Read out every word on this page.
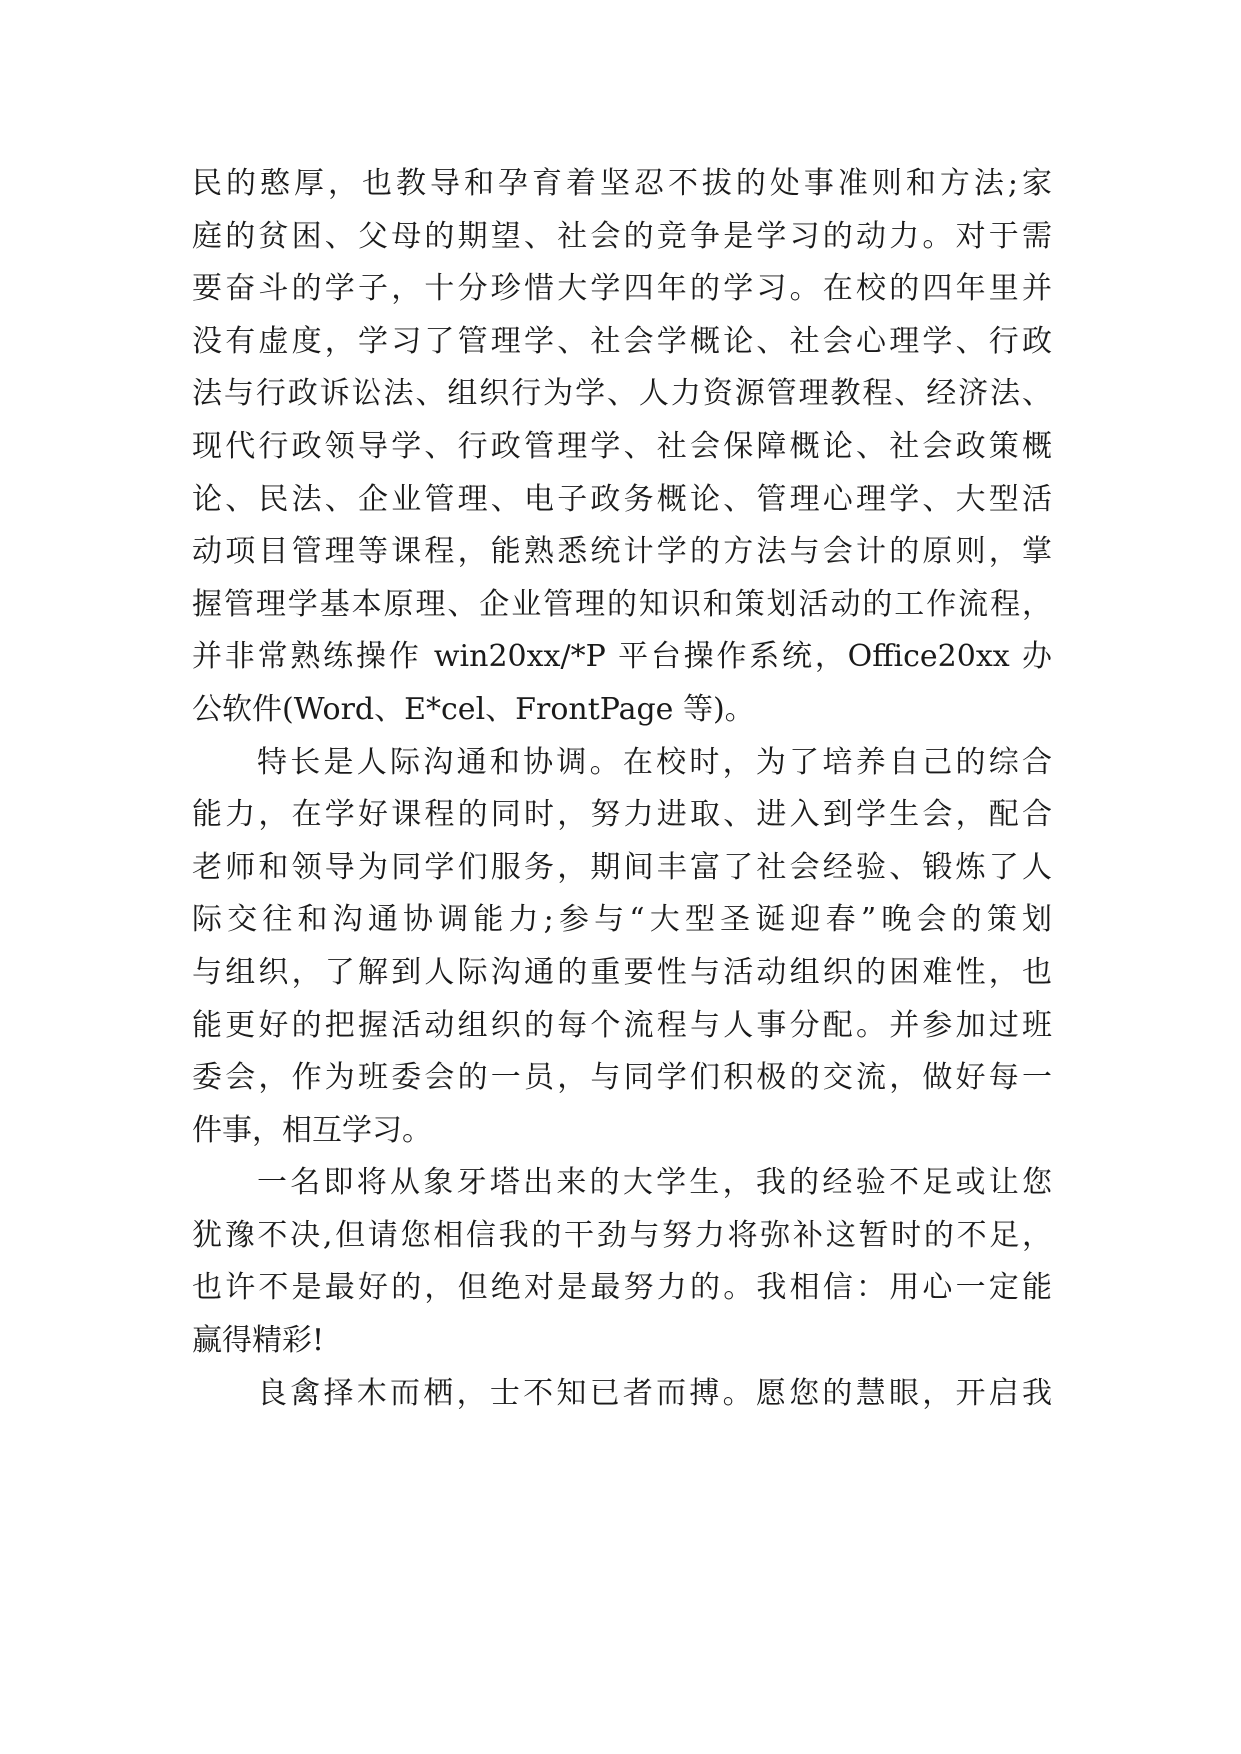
民的憨厚，也教导和孕育着坚忍不拔的处事准则和方法;家
庭的贫困、父母的期望、社会的竞争是学习的动力。对于需
要奋斗的学子，十分珍惜大学四年的学习。在校的四年里并
没有虚度，学习了管理学、社会学概论、社会心理学、行政
法与行政诉讼法、组织行为学、人力资源管理教程、经济法、
现代行政领导学、行政管理学、社会保障概论、社会政策概
论、民法、企业管理、电子政务概论、管理心理学、大型活
动项目管理等课程，能熟悉统计学的方法与会计的原则，掌
握管理学基本原理、企业管理的知识和策划活动的工作流程，
并非常熟练操作 win20xx/*P 平台操作系统，Office20xx 办
公软件(Word、E*cel、FrontPage 等)。
特长是人际沟通和协调。在校时，为了培养自己的综合
能力，在学好课程的同时，努力进取、进入到学生会，配合
老师和领导为同学们服务，期间丰富了社会经验、锻炼了人
际交往和沟通协调能力;参与“大型圣诞迎春”晚会的策划
与组织，了解到人际沟通的重要性与活动组织的困难性，也
能更好的把握活动组织的每个流程与人事分配。并参加过班
委会，作为班委会的一员，与同学们积极的交流，做好每一
件事，相互学习。
一名即将从象牙塔出来的大学生，我的经验不足或让您
犹豫不决,但请您相信我的干劲与努力将弥补这暂时的不足，
也许不是最好的，但绝对是最努力的。我相信：用心一定能
赢得精彩!
良禽择木而栖，士不知已者而搏。愿您的慧眼，开启我
